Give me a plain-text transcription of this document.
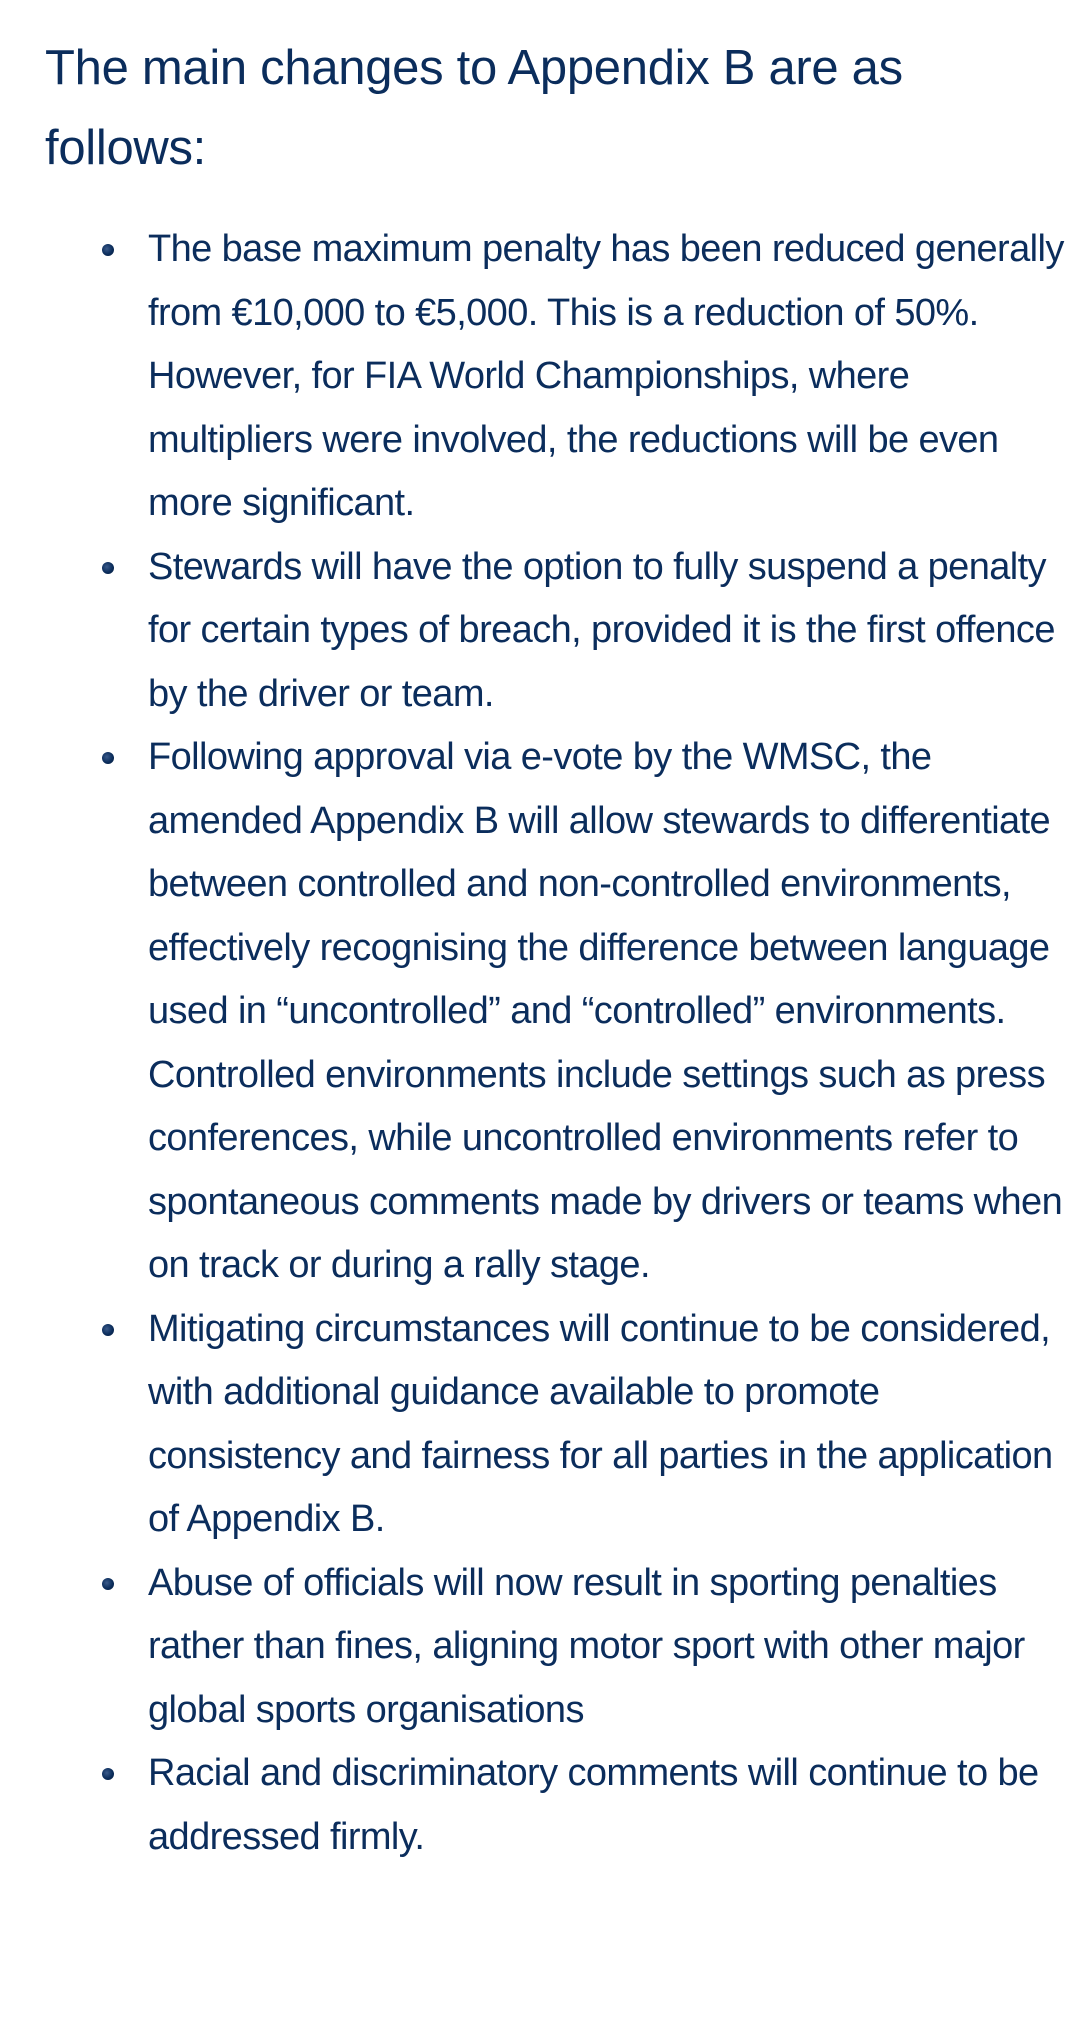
The main changes to Appendix B are as follows:
The base maximum penalty has been reduced generally from €10,000 to €5,000. This is a reduction of 50%. However, for FIA World Championships, where multipliers were involved, the reductions will be even more significant.
Stewards will have the option to fully suspend a penalty for certain types of breach, provided it is the first offence by the driver or team.
Following approval via e-vote by the WMSC, the amended Appendix B will allow stewards to differentiate between controlled and non-controlled environments, effectively recognising the difference between language used in “uncontrolled” and “controlled” environments. Controlled environments include settings such as press conferences, while uncontrolled environments refer to spontaneous comments made by drivers or teams when on track or during a rally stage.
Mitigating circumstances will continue to be considered, with additional guidance available to promote consistency and fairness for all parties in the application of Appendix B.
Abuse of officials will now result in sporting penalties rather than fines, aligning motor sport with other major global sports organisations
Racial and discriminatory comments will continue to be addressed firmly.
